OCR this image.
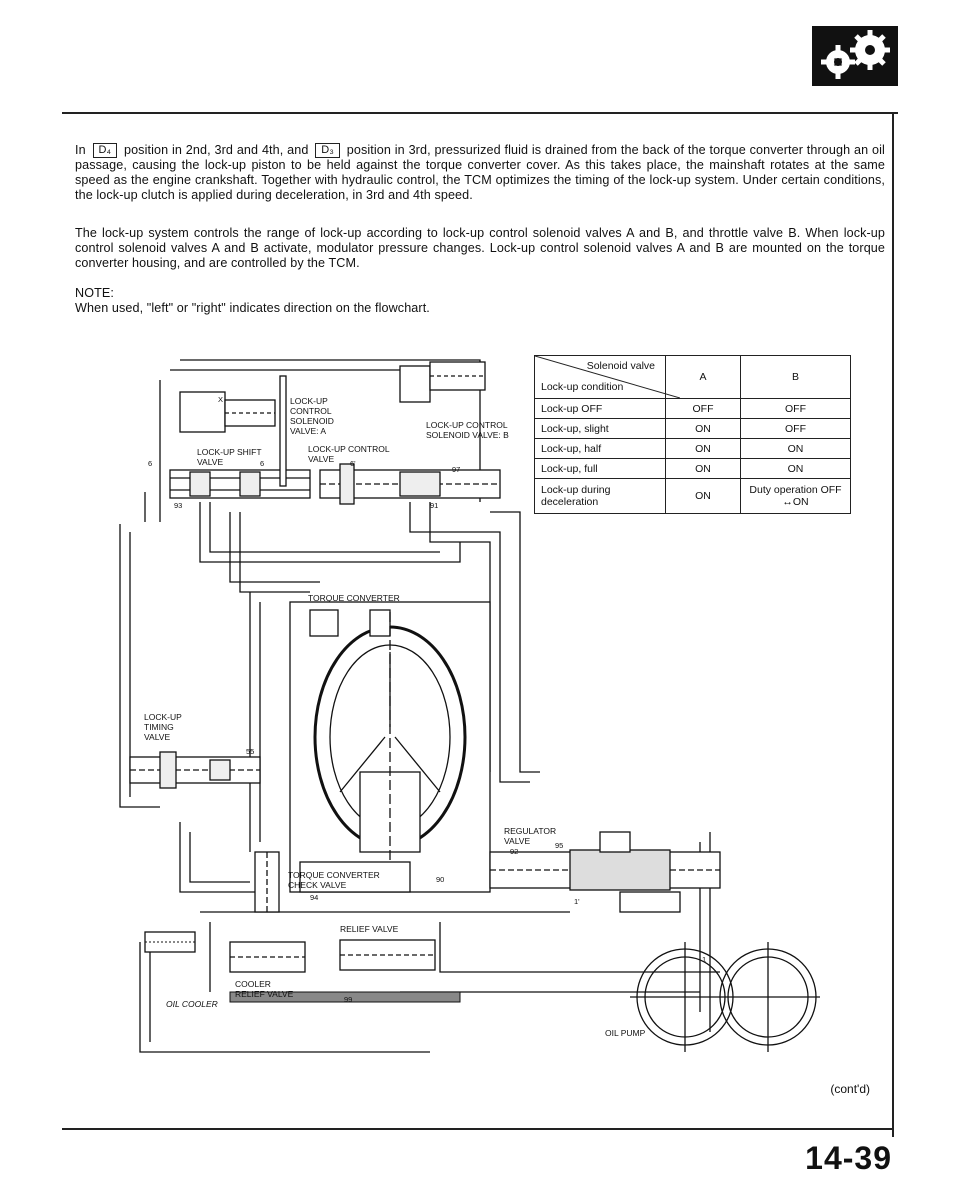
In D₄ position in 2nd, 3rd and 4th, and D₃ position in 3rd, pressurized fluid is drained from the back of the torque converter through an oil passage, causing the lock-up piston to be held against the torque converter cover. As this takes place, the mainshaft rotates at the same speed as the engine crankshaft. Together with hydraulic control, the TCM optimizes the timing of the lock-up system. Under certain conditions, the lock-up clutch is applied during deceleration, in 3rd and 4th speed.

The lock-up system controls the range of lock-up according to lock-up control solenoid valves A and B, and throttle valve B. When lock-up control solenoid valves A and B activate, modulator pressure changes. Lock-up control solenoid valves A and B are mounted on the torque converter housing, and are controlled by the TCM.

NOTE:

When used, "left" or "right" indicates direction on the flowchart.

Solenoid valve
Lock-up condition	A	B
Lock-up OFF	OFF	OFF
Lock-up, slight	ON	OFF
Lock-up, half	ON	ON
Lock-up, full	ON	ON
Lock-up during deceleration	ON	Duty operation OFF ↔ON
LOCK-UP CONTROL SOLENOID VALVE: A
LOCK-UP CONTROL SOLENOID VALVE: B
LOCK-UP SHIFT VALVE
LOCK-UP CONTROL VALVE
TORQUE CONVERTER
LOCK-UP TIMING VALVE
REGULATOR VALVE
TORQUE CONVERTER CHECK VALVE
RELIEF VALVE
COOLER RELIEF VALVE
OIL COOLER
OIL PUMP
6	6	6'
97
93	91
92
94
95
90
55
1
1'
X
99
(cont'd)
14-39
